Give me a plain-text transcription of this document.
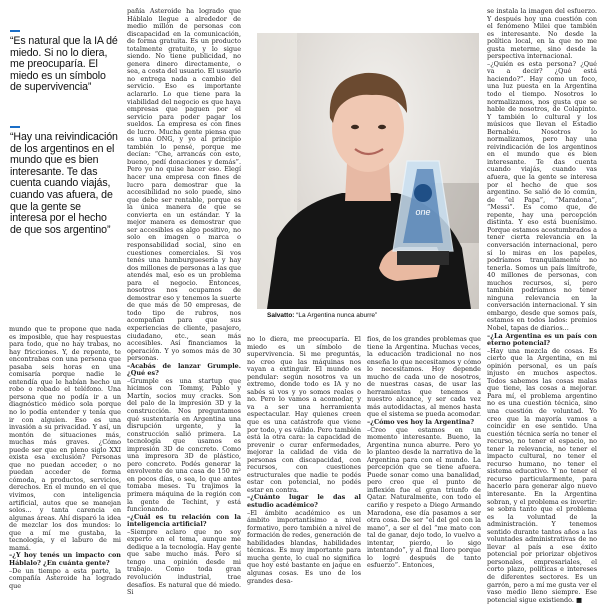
“Es natural que la IA dé miedo. Si no lo diera, me preocuparía. El miedo es un símbolo de supervivencia”
“Hay una reivindicación de los argentinos en el mundo que es bien interesante. Te das cuenta cuando viajás, cuando vas afuera, de que la gente se interesa por el hecho de que sos argentino”
one
Salvatto: “La Argentina nunca aburre”

mundo que te propone que nada es imposible, que hay respuestas para todo, que no hay trabas, no hay fricciones. Y, de repente, te encontrabas con una persona que pasaba seis horas en una comisaría porque nadie le entendía que le habían hecho un robo o robado el teléfono. Una persona que no podía ir a un diagnóstico médico sola porque no lo podía entender y tenía que ir con alguien. Eso es una invasión a su privacidad. Y así, un montón de situaciones más, muchas más graves. ¿Cómo puede ser que en pleno siglo XXI exista esa exclusión? Personas que no puedan acceder, o no puedan acceder de forma cómoda, a productos, servicios, derechos. En el mundo en el que vivimos, con inteligencia artificial, autos que se manejan solos... y tanta carencia en algunas áreas. Ahí disparó la idea de mezclar los dos mundos: lo que a mí me gustaba, la tecnología, y el laburo de mi mamá.

–¿Y hoy tenés un impacto con Háblalo? ¿En cuánta gente?

–De un tiempo a esta parte, la compañía Asteroide ha logrado que

pañía Asteroide ha logrado que Háblalo llegue a alrededor de medio millón de personas con discapacidad en la comunicación, de forma gratuita. Es un producto totalmente gratuito, y lo sigue siendo. No tiene publicidad, no genera dinero directamente, o sea, a costa del usuario. El usuario no entrega nada a cambio del servicio. Eso es importante aclararlo. Lo que tiene para la viabilidad del negocio es que haya empresas que paguen por el servicio para poder pagar los sueldos. La empresa es con fines de lucro. Mucha gente piensa que es una ONG, y yo al principio también lo pensé, porque me decían: “Che, arrancás con esto, bueno, pedí donaciones y demás”. Pero yo no quise hacer eso. Elegí hacer una empresa con fines de lucro para demostrar que la accesibilidad no solo puede, sino que debe ser rentable, porque es la única manera de que se convierta en un estándar. Y la mejor manera es demostrar que ser accesibles es algo positivo, no solo en imagen o marca o responsabilidad social, sino en cuestiones comerciales. Si vos tenés una hamburguesería y hay dos millones de personas a las que atendés mal, eso es un problema para el negocio. Entonces, nosotros nos ocupamos de demostrar eso y tenemos la suerte de que más de 50 empresas, de todo tipo de rubros, nos acompañan para que sus experiencias de cliente, pasajero, ciudadano, etc., sean más accesibles. Así financiamos la operación. Y yo somos más de 30 personas.

–Acabás de lanzar Grumple. ¿Qué es?

–Grumple es una startup que hicimos con Tommy, Pablo y Martín, socios muy cracks. Son del palo de la impresión 3D y la construcción. Nos preguntamos qué sustentaría en Argentina una disrupción urgente, y la construcción salió primera. La tecnología que usamos es impresión 3D de concreto. Como una impresora 3D de plástico, pero concreto. Podés generar la envolvente de una casa de 150 m² en pocos días, o sea, lo que antes tomaba meses. Tu trajimos la primera máquina de la región con la gente de Techint, y está funcionando.

–¿Cuál es tu relación con la inteligencia artificial?

–Siempre aclaro que no soy experto en el tema, aunque me dedique a la tecnología. Hay gente que sabe mucho más. Pero sí tengo una opinión desde mi trabajo. Como toda gran revolución industrial, trae desafíos. Es natural que dé miedo. Si

no lo diera, me preocuparía. El miedo es un símbolo de supervivencia. Si me preguntás, no creo que las máquinas nos vayan a extinguir. El mundo es pendular: según nosotros va un extremo, donde todo es IA y no sabés si vos y yo somos reales o no. Pero lo vamos a acomodar, y va a ser una herramienta espectacular. Hay quienes creen que es una catástrofe que viene por todo, y es válido. Pero también está la otra cara: la capacidad de prevenir o curar enfermedades, mejorar la calidad de vida de personas con discapacidad, con recursos, con cuestiones estructurales que nadie te podés estar con potencial, no podés estar en contra.

–¿Cuánto lugar le das al estudio académico?

–El ámbito académico es un ámbito importantísimo a nivel formativo, pero también a nivel de formación de redes, generación de habilidades blandas, habilidades técnicas. Es muy importante para mucha gente, lo cual no significa que hoy esté bastante en jaque en algunas cosas. Es uno de los grandes desa-

fíos, de los grandes problemas que tiene la Argentina. Muchas veces, la educación tradicional no nos enseña lo que necesitamos y cómo lo necesitamos. Hoy depende mucho de cada uno de nosotros, de nuestras casas, de usar las herramientas que tenemos a nuestro alcance, y ser cada vez más autodidactas, al menos hasta que el sistema se pueda acomodar.

–¿Cómo ves hoy la Argentina?

–Creo que estamos en un momento interesante. Bueno, la Argentina nunca aburre. Pero yo lo planteo desde la narrativa de la Argentina para con el mundo. La percepción que se tiene afuera. Puede sonar como una banalidad, pero creo que el punto de inflexión fue el gran triunfo de Qatar. Naturalmente, con todo el cariño y respeto a Diego Armando Maradona, ese día pasamos a ser otra cosa. De ser “el del gol con la mano”, a ser el del “me mato con tal de ganar, dejo todo, lo vuelvo a intentar, pierdo, lo sigo intentando”, y al final lloro porque lo logré después de tanto esfuerzo”. Entonces,

se instala la imagen del esfuerzo. Y después hoy una cuestión con el fenómeno Milei que también es interesante. No desde la política local, en la que no me gusta meterme, sino desde la perspectiva internacional.

–¿Quién es esta persona? ¿Qué va a decir? ¿Qué está haciendo?”. Hay como un foco, una luz puesta en la Argentina todo el tiempo. Nosotros lo normalizamos, nos gusta que se hable de nosotros, de Colapinto. Y también lo cultural y los músicos que llevan el Estadio Bernabéu. Nosotros lo normalizamos, pero hay una reivindicación de los argentinos en el mundo que es bien interesante. Te das cuenta cuando viajás, cuando vas afuera, que la gente se interesa por el hecho de que sos argentino. Se salió de lo común, de “el Papa”, “Maradona”, “Messi”. Es como que, de repente, hay una percepción distinta. Y eso está buenísimo. Porque estamos acostumbrados a tener cierta relevancia en la conversación internacional, pero sí lo miras en los papeles, podríamos tranquilamente no tenerla. Somos un país limítrofe, 40 millones de personas, con muchos recursos, sí, pero también podríamos no tener ninguna relevancia en la conversación internacional. Y sin embargo, desde que somos país, estamos en todos lados: premios Nobel, tapas de diarios...

–¿La Argentina es un país con eterno potencial?

–Hay una mezcla de cosas. Es cierto que la Argentina, en mi opinión personal, es un país injusto en muchos aspectos. Todos sabemos las cosas malas que tiene, las cosas a mejorar. Para mí, el problema argentino no es una cuestión técnica, sino una cuestión de voluntad. Yo creo que la mayoría vamos a coincidir en ese sentido. Una cuestión técnica sería no tener el recurso, no tener el espacio, no tener la relevancia, no tener el impacto cultural, no tener el recurso humano, no tener el sistema educativo. Y no tener el recurso particularmente, para hacerlo para generar algo nuevo interesante. En la Argentina sobran, y el problema es invertir: se sobra tanto que el problema es la voluntad de la administración. Y tenemos sentido durante tantos años a las voluntades administrativas de no llevar al país a ese éxito potencial por priorizar objetivos personales, empresariales, el corto plazo, políticas e intereses de diferentes sectores. Es un garrón, pero a mí me gusta ver el vaso medio lleno siempre. Ese potencial sigue existiendo. ■
